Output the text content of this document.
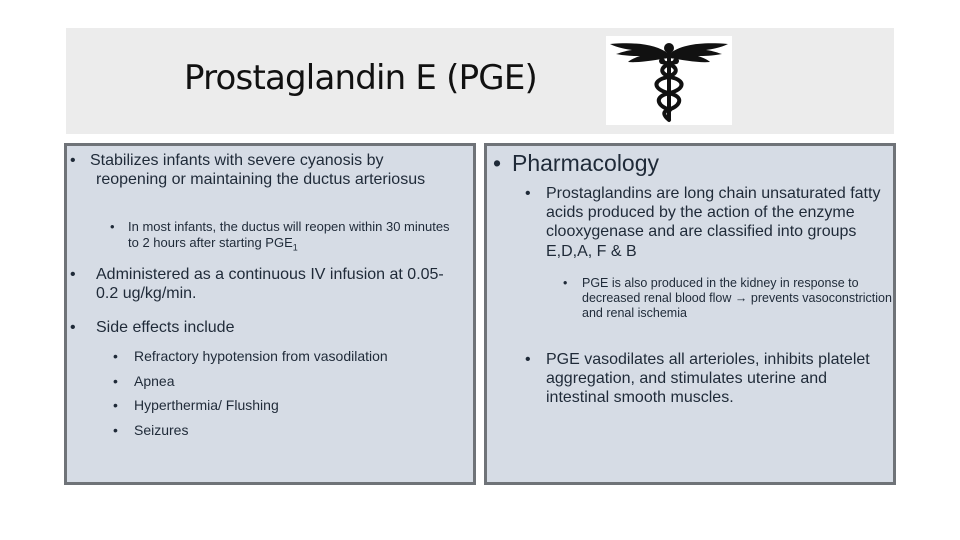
Prostaglandin E (PGE)
• Stabilizes infants with severe cyanosis by reopening or maintaining the ductus arteriosus
•	In most infants, the ductus will reopen within 30 minutes to 2 hours after starting $PGE_1$
•	Administered as a continuous IV infusion at 0.05-0.2 ug/kg/min.
•	Side effects include
•	Refractory hypotension from vasodilation
•	Apnea
•	Hyperthermia/ Flushing
•	Seizures
• Pharmacology
• Prostaglandins are long chain unsaturated fatty acids produced by the action of the enzyme clooxygenase and are classified into groups E,D,A, F & B
•	PGE is also produced in the kidney in response to decreased renal blood flow → prevents vasoconstriction and renal ischemia
• PGE vasodilates all arterioles, inhibits platelet aggregation, and stimulates uterine and intestinal smooth muscles.
